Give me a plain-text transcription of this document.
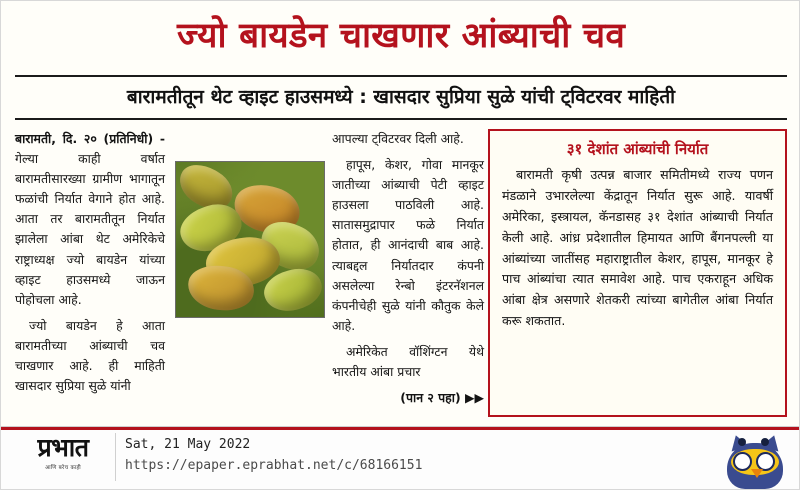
ज्यो बायडेन चाखणार आंब्याची चव
बारामतीतून थेट व्हाइट हाउसमध्ये : खासदार सुप्रिया सुळे यांची ट्विटरवर माहिती

बारामती, दि. २० (प्रतिनिधी) - गेल्या काही वर्षात बारामतीसारख्या ग्रामीण भागातून फळांची निर्यात वेगाने होत आहे. आता तर बारामतीतून निर्यात झालेला आंबा थेट अमेरिकेचे राष्ट्राध्यक्ष ज्यो बायडेन यांच्या व्हाइट हाउसमध्ये जाऊन पोहोचला आहे.

ज्यो बायडेन हे आता बारामतीच्या आंब्याची चव चाखणार आहे. ही माहिती खासदार सुप्रिया सुळे यांनी

आपल्या ट्विटरवर दिली आहे.

हापूस, केशर, गोवा मानकूर जातीच्या आंब्याची पेटी व्हाइट हाउसला पाठविली आहे. सातासमुद्रापार फळे निर्यात होतात, ही आनंदाची बाब आहे. त्याबद्दल निर्यातदार कंपनी असलेल्या रेन्बो इंटरनॅशनल कंपनीचेही सुळे यांनी कौतुक केले आहे.

अमेरिकेत वॉशिंग्टन येथे भारतीय आंबा प्रचार

(पान २ पहा) ▶▶

३१ देशांत आंब्यांची निर्यात
बारामती कृषी उत्पन्न बाजार समितीमध्ये राज्य पणन मंडळाने उभारलेल्या केंद्रातून निर्यात सुरू आहे. यावर्षी अमेरिका, इस्त्रायल, कॅनडासह ३१ देशांत आंब्याची निर्यात केली आहे. आंध्र प्रदेशातील हिमायत आणि बैंगनपल्ली या आंब्यांच्या जातींसह महाराष्ट्रातील केशर, हापूस, मानकूर हे पाच आंब्यांचा त्यात समावेश आहे. पाच एकराहून अधिक आंबा क्षेत्र असणारे शेतकरी त्यांच्या बागेतील आंबा निर्यात करू शकतात.
प्रभात
आणि बरेच काही
Sat, 21 May 2022
https://epaper.eprabhat.net/c/68166151
